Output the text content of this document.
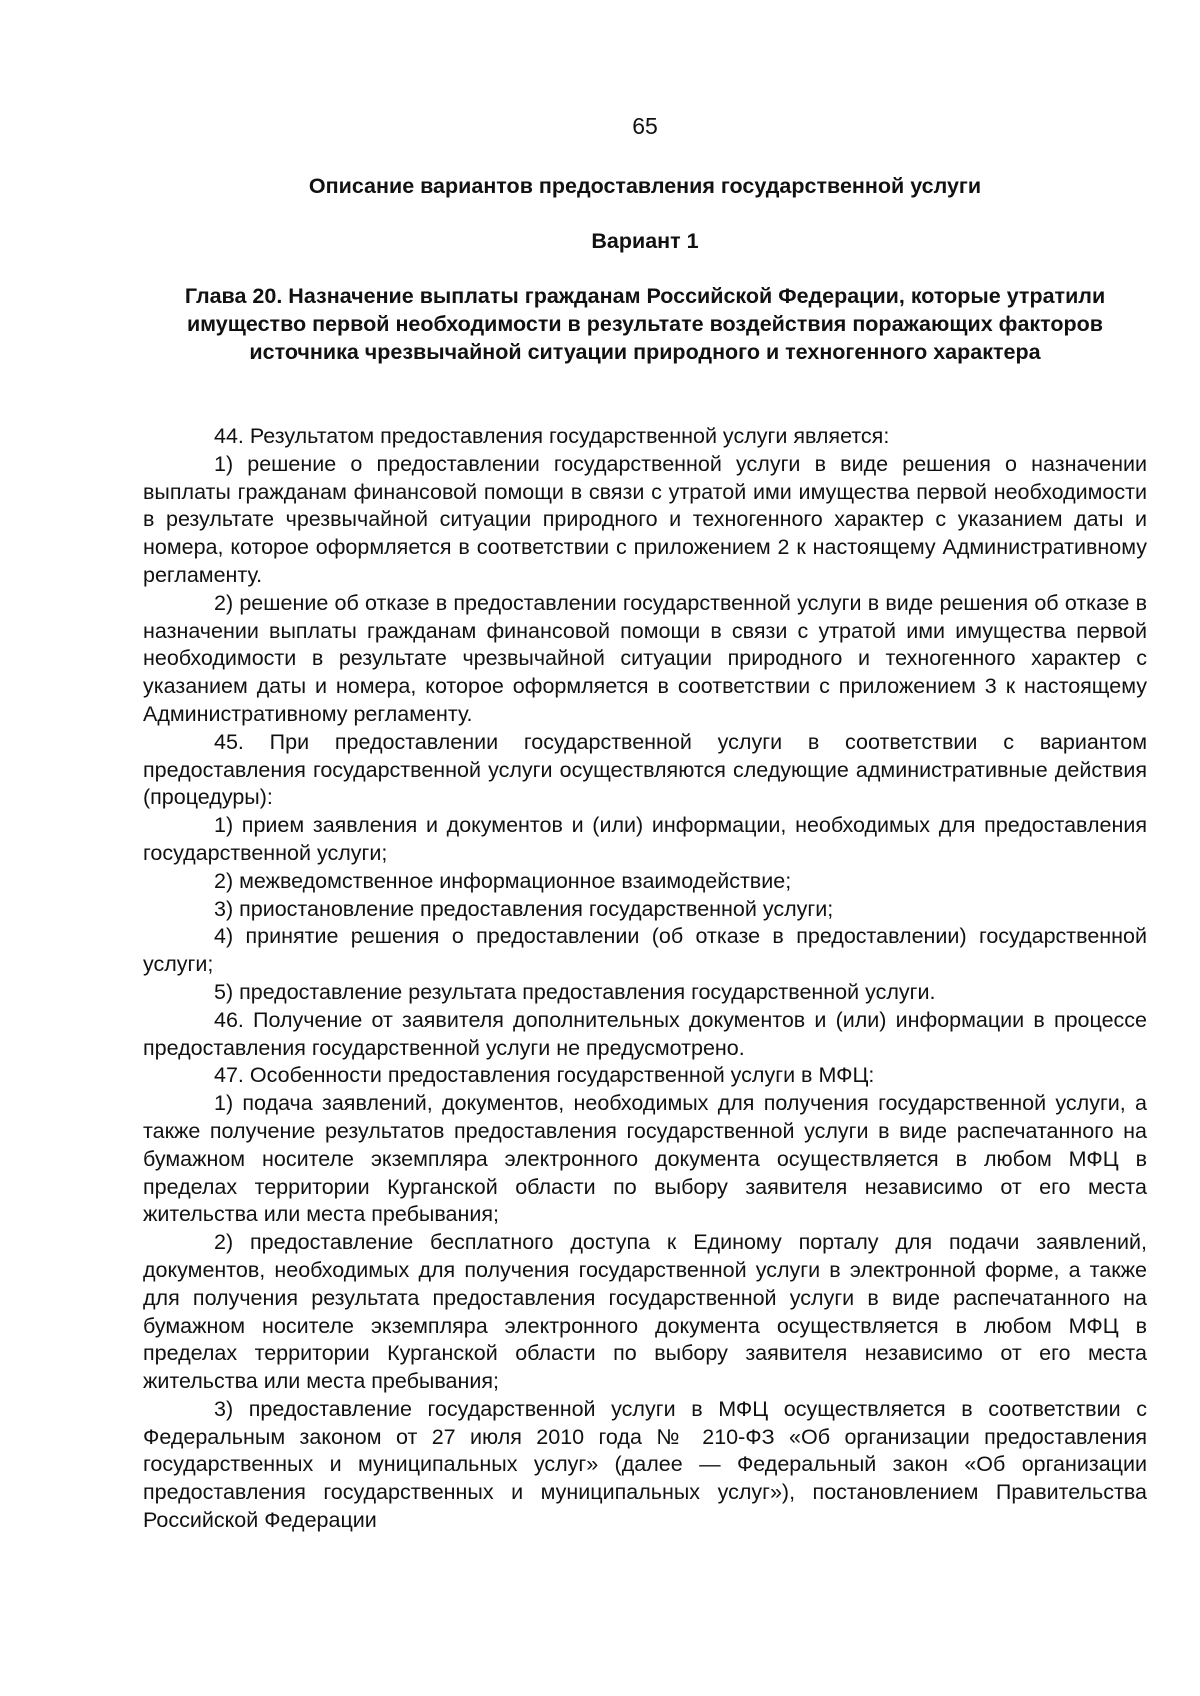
65
Описание вариантов предоставления государственной услуги
Вариант 1
Глава 20. Назначение выплаты гражданам Российской Федерации, которые утратили имущество первой необходимости в результате воздействия поражающих факторов источника чрезвычайной ситуации природного и техногенного характера

44. Результатом предоставления государственной услуги является:

1) решение о предоставлении государственной услуги в виде решения о назначении выплаты гражданам финансовой помощи в связи с утратой ими имущества первой необходимости в результате чрезвычайной ситуации природного и техногенного характер с указанием даты и номера, которое оформляется в соответствии с приложением 2 к настоящему Административному регламенту.

2) решение об отказе в предоставлении государственной услуги в виде решения об отказе в назначении выплаты гражданам финансовой помощи в связи с утратой ими имущества первой необходимости в результате чрезвычайной ситуации природного и техногенного характер с указанием даты и номера, которое оформляется в соответствии с приложением 3 к настоящему Административному регламенту.

45. При предоставлении государственной услуги в соответствии с вариантом предоставления государственной услуги осуществляются следующие административные действия (процедуры):

1) прием заявления и документов и (или) информации, необходимых для предоставления государственной услуги;

2) межведомственное информационное взаимодействие;

3) приостановление предоставления государственной услуги;

4) принятие решения о предоставлении (об отказе в предоставлении) государственной услуги;

5) предоставление результата предоставления государственной услуги.

46. Получение от заявителя дополнительных документов и (или) информации в процессе предоставления государственной услуги не предусмотрено.

47. Особенности предоставления государственной услуги в МФЦ:

1) подача заявлений, документов, необходимых для получения государственной услуги, а также получение результатов предоставления государственной услуги в виде распечатанного на бумажном носителе экземпляра электронного документа осуществляется в любом МФЦ в пределах территории Курганской области по выбору заявителя независимо от его места жительства или места пребывания;

2) предоставление бесплатного доступа к Единому порталу для подачи заявлений, документов, необходимых для получения государственной услуги в электронной форме, а также для получения результата предоставления государственной услуги в виде распечатанного на бумажном носителе экземпляра электронного документа осуществляется в любом МФЦ в пределах территории Курганской области по выбору заявителя независимо от его места жительства или места пребывания;

3) предоставление государственной услуги в МФЦ осуществляется в соответствии с Федеральным законом от 27 июля 2010 года № 210-ФЗ «Об организации предоставления государственных и муниципальных услуг» (далее — Федеральный закон «Об организации предоставления государственных и муниципальных услуг»), постановлением Правительства Российской Федерации
